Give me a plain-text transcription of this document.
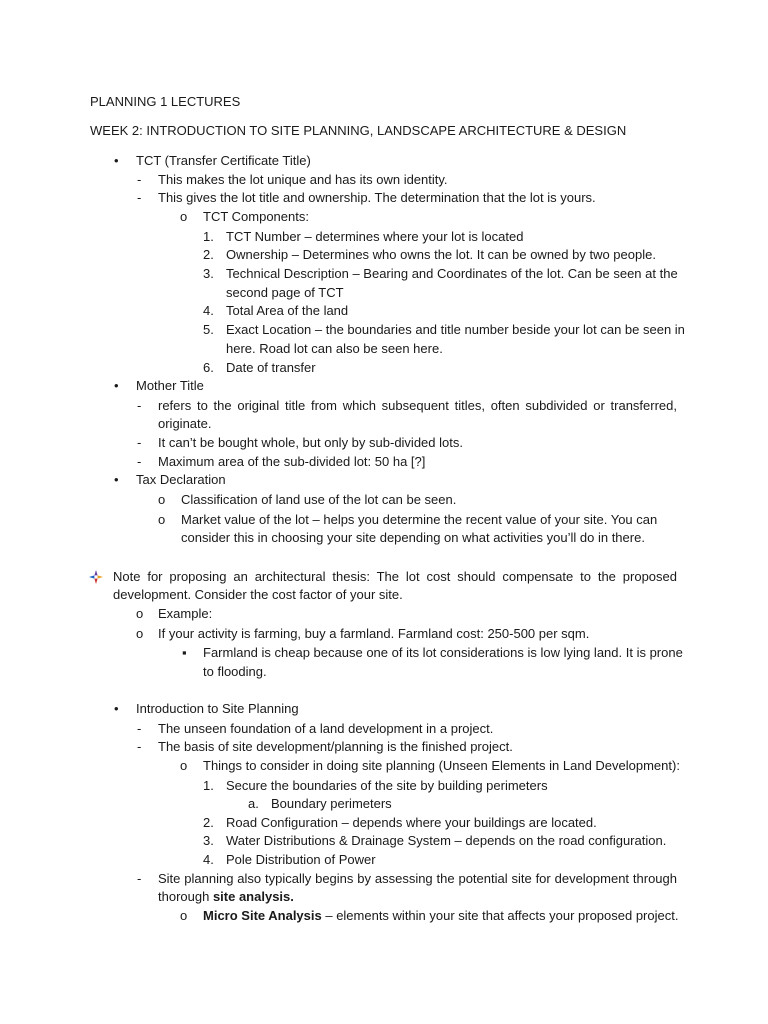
PLANNING 1 LECTURES
WEEK 2: INTRODUCTION TO SITE PLANNING, LANDSCAPE ARCHITECTURE & DESIGN
• TCT (Transfer Certificate Title)
- This makes the lot unique and has its own identity.
- This gives the lot title and ownership. The determination that the lot is yours.
o TCT Components:
1. TCT Number – determines where your lot is located
2. Ownership – Determines who owns the lot. It can be owned by two people.
3. Technical Description – Bearing and Coordinates of the lot. Can be seen at the
second page of TCT
4. Total Area of the land
5. Exact Location – the boundaries and title number beside your lot can be seen in
here. Road lot can also be seen here.
6. Date of transfer
• Mother Title
- refers to the original title from which subsequent titles, often subdivided or transferred,
originate.
- It can’t be bought whole, but only by sub-divided lots.
- Maximum area of the sub-divided lot: 50 ha [?]
• Tax Declaration
o Classification of land use of the lot can be seen.
o Market value of the lot – helps you determine the recent value of your site. You can
consider this in choosing your site depending on what activities you’ll do in there.
Note for proposing an architectural thesis: The lot cost should compensate to the proposed
development. Consider the cost factor of your site.
o Example:
o If your activity is farming, buy a farmland. Farmland cost: 250-500 per sqm.
▪ Farmland is cheap because one of its lot considerations is low lying land. It is prone
to flooding.
• Introduction to Site Planning
- The unseen foundation of a land development in a project.
- The basis of site development/planning is the finished project.
o Things to consider in doing site planning (Unseen Elements in Land Development):
1. Secure the boundaries of the site by building perimeters
a. Boundary perimeters
2. Road Configuration – depends where your buildings are located.
3. Water Distributions & Drainage System – depends on the road configuration.
4. Pole Distribution of Power
- Site planning also typically begins by assessing the potential site for development through
thorough site analysis.
o Micro Site Analysis – elements within your site that affects your proposed project.
